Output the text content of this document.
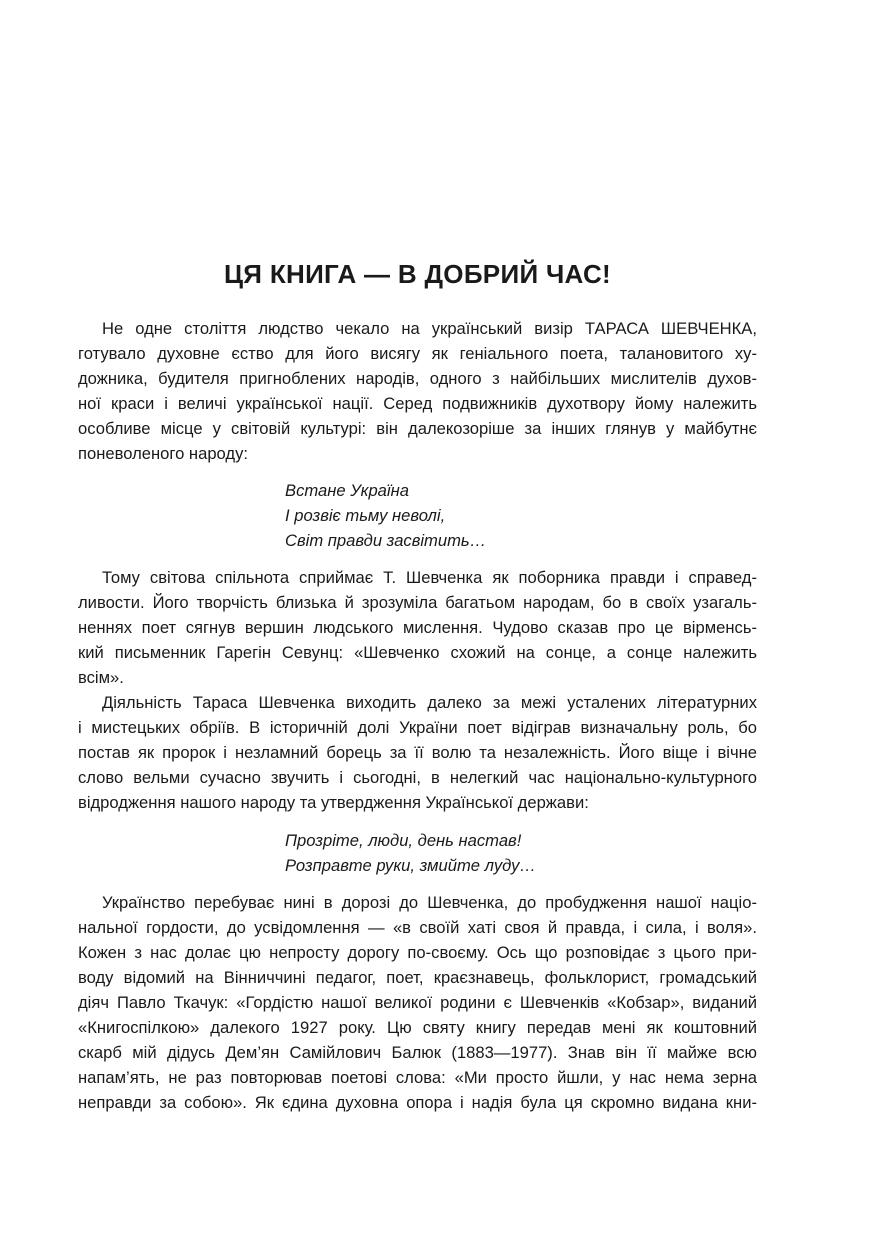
ЦЯ КНИГА — В ДОБРИЙ ЧАС!
Не одне століття людство чекало на український визір ТАРАСА ШЕВЧЕНКА,
готувало духовне єство для його висягу як геніального поета, талановитого ху-
дожника, будителя пригноблених народів, одного з найбільших мислителів духов-
ної краси і величі української нації. Серед подвижників духотвору йому належить
особливе місце у світовій культурі: він далекозоріше за інших глянув у майбутнє
поневоленого народу:
Встане Україна
І розвіє тьму неволі,
Світ правди засвітить…
Тому світова спільнота сприймає Т. Шевченка як поборника правди і справед-
ливости. Його творчість близька й зрозуміла багатьом народам, бо в своїх узагаль-
неннях поет сягнув вершин людського мислення. Чудово сказав про це вірменсь-
кий письменник Гарегін Севунц: «Шевченко схожий на сонце, а сонце належить
всім».
Діяльність Тараса Шевченка виходить далеко за межі усталених літературних
і мистецьких обріїв. В історичній долі України поет відіграв визначальну роль, бо
постав як пророк і незламний борець за її волю та незалежність. Його віще і вічне
слово вельми сучасно звучить і сьогодні, в нелегкий час національно-культурного
відродження нашого народу та утвердження Української держави:
Прозріте, люди, день настав!
Розправте руки, змийте луду…
Українство перебуває нині в дорозі до Шевченка, до пробудження нашої націо-
нальної гордости, до усвідомлення — «в своїй хаті своя й правда, і сила, і воля».
Кожен з нас долає цю непросту дорогу по-своєму. Ось що розповідає з цього при-
воду відомий на Вінниччині педагог, поет, краєзнавець, фольклорист, громадський
діяч Павло Ткачук: «Гордістю нашої великої родини є Шевченків «Кобзар», виданий
«Книгоспілкою» далекого 1927 року. Цю святу книгу передав мені як коштовний
скарб мій дідусь Дем’ян Самійлович Балюк (1883—1977). Знав він її майже всю
напам’ять, не раз повторював поетові слова: «Ми просто йшли, у нас нема зерна
неправди за собою». Як єдина духовна опора і надія була ця скромно видана кни-
